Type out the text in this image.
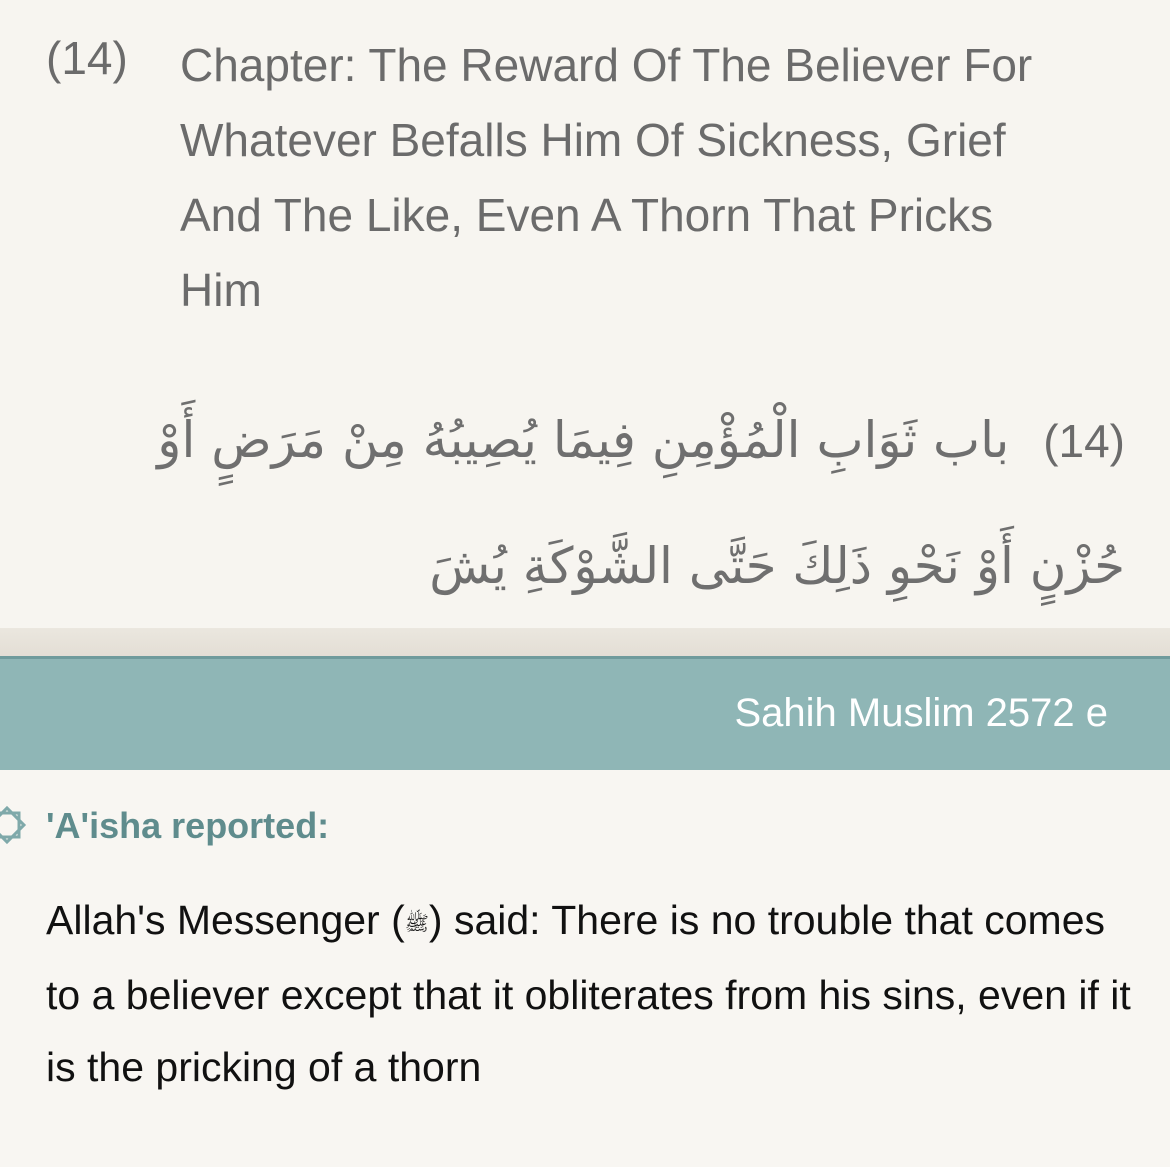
(14) Chapter: The Reward Of The Believer For Whatever Befalls Him Of Sickness, Grief And The Like, Even A Thorn That Pricks Him
(14) باب ثَوَابِ الْمُؤْمِنِ فِيمَا يُصِيبُهُ مِنْ مَرَضٍ أَوْ حُزْنٍ أَوْ نَحْوِ ذَلِكَ حَتَّى الشَّوْكَةِ يُشَ
Sahih Muslim 2572 e
'A'isha reported:
Allah's Messenger (ﷺ) said: There is no trouble that comes to a believer except that it obliterates from his sins, even if it is the pricking of a thorn
